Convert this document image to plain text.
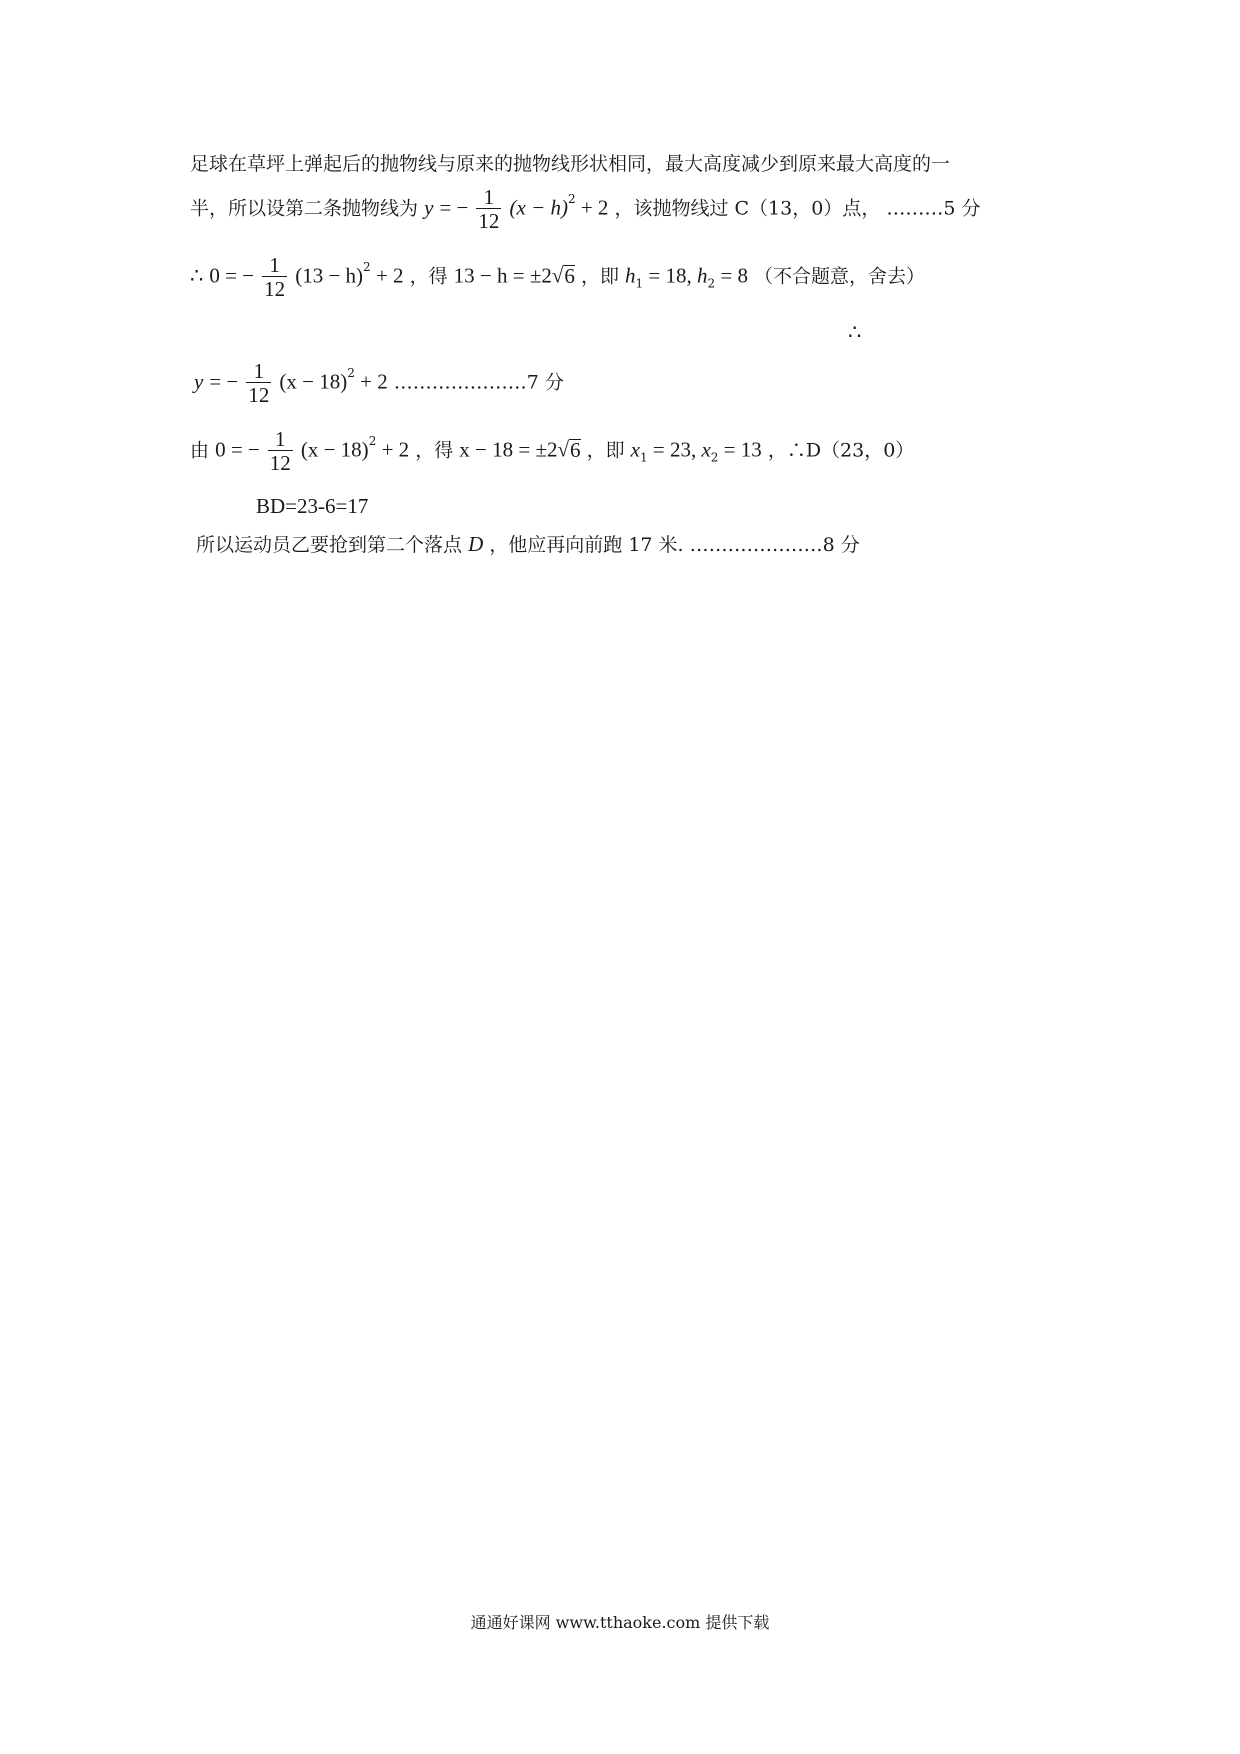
足球在草坪上弹起后的抛物线与原来的抛物线形状相同，最大高度减少到原来最大高度的一
半，所以设第二条抛物线为 y = − $\frac{1}{12} (x - h)^2 + 2$ ，该抛物线过 C（13，0）点， ………5 分
∴ 0 = − $\frac{1}{12} (13 - h)^2 + 2$ ，得 13 − h = ±2√6 ，即 $h_1 = 18$, $h_2 = 8$ （不合题意，舍去）
∴
y = − $\frac{1}{12} (x - 18)^2 + 2$ …………………7 分
由 0 = − $\frac{1}{12} (x - 18)^2 + 2$ ，得 x − 18 = ±2√6 ，即 $x_1 = 23$, $x_2 = 13$ ，∴D（23，0）
BD=23-6=17
所以运动员乙要抢到第二个落点 D ，他应再向前跑 17 米. …………………8 分
通通好课网 www.tthaoke.com 提供下载
